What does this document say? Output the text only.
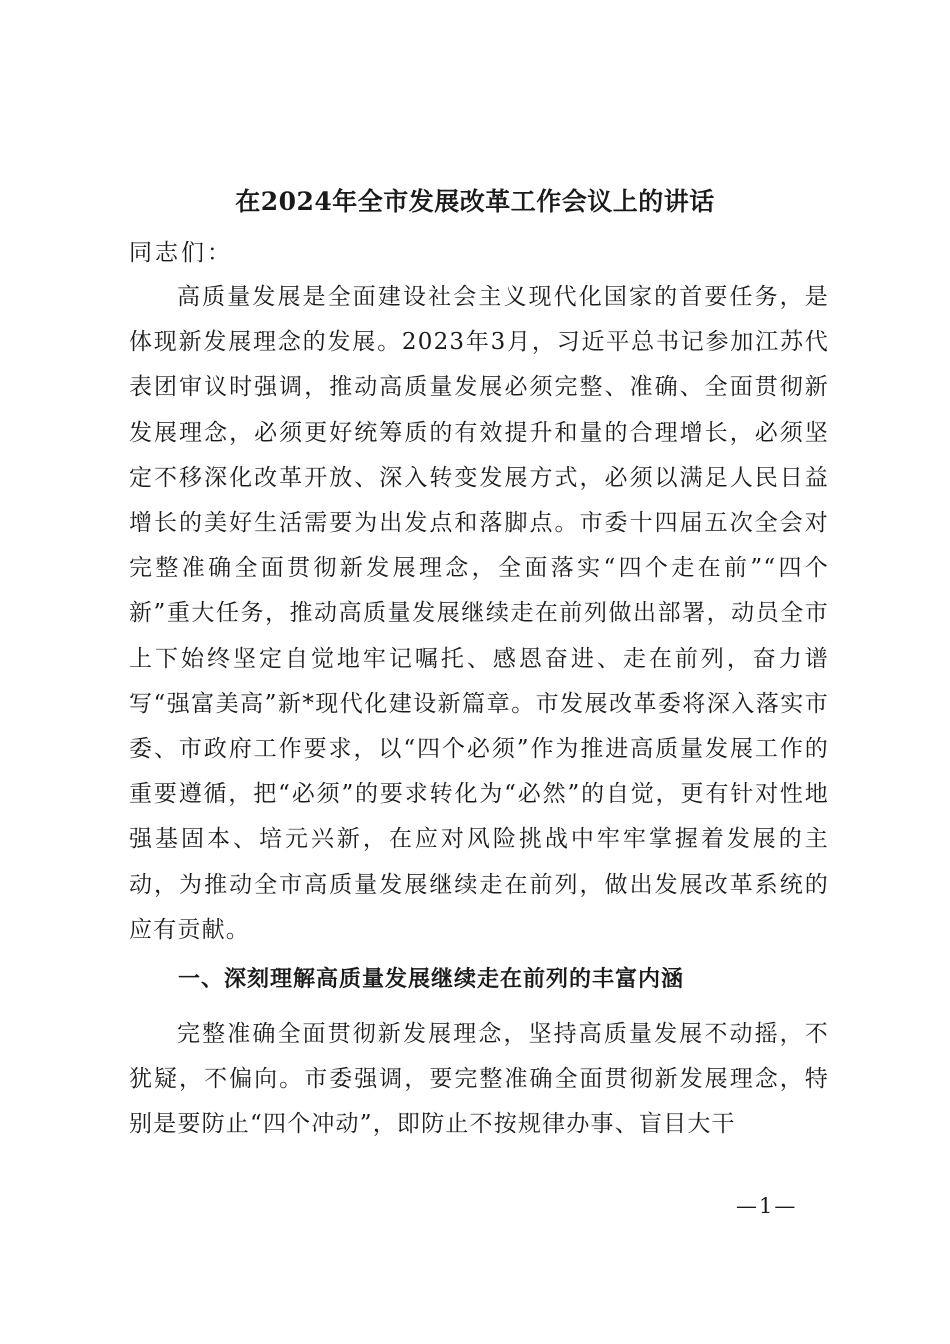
在2024年全市发展改革工作会议上的讲话
同志们：

高质量发展是全面建设社会主义现代化国家的首要任务，是体现新发展理念的发展。2023年3月，习近平总书记参加江苏代表团审议时强调，推动高质量发展必须完整、准确、全面贯彻新发展理念，必须更好统筹质的有效提升和量的合理增长，必须坚定不移深化改革开放、深入转变发展方式，必须以满足人民日益增长的美好生活需要为出发点和落脚点。市委十四届五次全会对完整准确全面贯彻新发展理念，全面落实“四个走在前”“四个新”重大任务，推动高质量发展继续走在前列做出部署，动员全市上下始终坚定自觉地牢记嘱托、感恩奋进、走在前列，奋力谱写“强富美高”新*现代化建设新篇章。市发展改革委将深入落实市委、市政府工作要求，以“四个必须”作为推进高质量发展工作的重要遵循，把“必须”的要求转化为“必然”的自觉，更有针对性地强基固本、培元兴新，在应对风险挑战中牢牢掌握着发展的主动，为推动全市高质量发展继续走在前列，做出发展改革系统的应有贡献。

一、深刻理解高质量发展继续走在前列的丰富内涵

完整准确全面贯彻新发展理念，坚持高质量发展不动摇，不犹疑，不偏向。市委强调，要完整准确全面贯彻新发展理念，特别是要防止“四个冲动”，即防止不按规律办事、盲目大干

—1—
